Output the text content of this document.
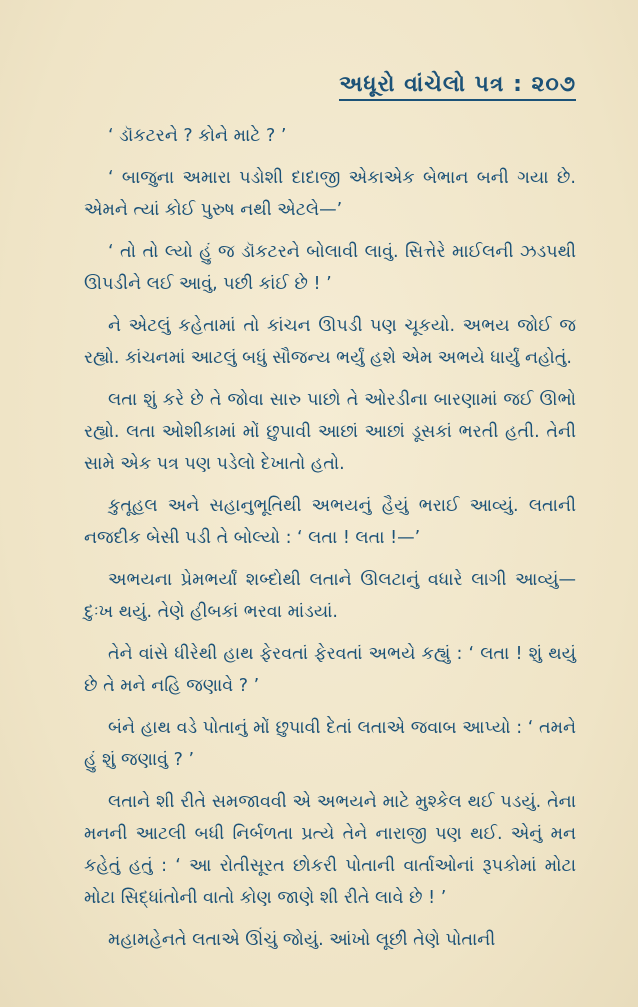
અધૂરો વાંચેલો પત્ર : ૨૦૭

‘ ડૉકટરને ? કોને માટે ? ’

‘ બાજુના અમારા પડોશી દાદાજી એકાએક બેભાન બની ગયા છે. એમને ત્યાં કોઈ પુરુષ નથી એટલે—’

‘ તો તો લ્યો હું જ ડૉકટરને બોલાવી લાવું. સિત્તેરે માઈલની ઝડપથી ઊપડીને લઈ આવું, પછી કાંઈ છે ! ’

ને એટલું કહેતામાં તો કાંચન ઊપડી પણ ચૂકયો. અભય જોઈ જ રહ્યો. કાંચનમાં આટલું બધું સૌજન્ય ભર્યું હશે એમ અભયે ધાર્યું નહોતું.

લતા શું કરે છે તે જોવા સારુ પાછો તે ઓરડીના બારણામાં જઈ ઊભો રહ્યો. લતા ઓશીકામાં મોં છુપાવી આછાં આછાં ડૂસકાં ભરતી હતી. તેની સામે એક પત્ર પણ પડેલો દેખાતો હતો.

કુતૂહલ અને સહાનુભૂતિથી અભયનું હૈયું ભરાઈ આવ્યું. લતાની નજદીક બેસી પડી તે બોલ્યો : ‘ લતા ! લતા !—’

અભયના પ્રેમભર્યાં શબ્દોથી લતાને ઊલટાનું વધારે લાગી આવ્યું—દુઃખ થયું. તેણે હીબકાં ભરવા માંડયાં.

તેને વાંસે ધીરેથી હાથ ફેરવતાં ફેરવતાં અભયે કહ્યું : ‘ લતા ! શું થયું છે તે મને નહિ જણાવે ? ’

બંને હાથ વડે પોતાનું મોં છુપાવી દેતાં લતાએ જવાબ આપ્યો : ‘ તમને હું શું જણાવું ? ’

લતાને શી રીતે સમજાવવી એ અભયને માટે મુશ્કેલ થઈ પડયું. તેના મનની આટલી બધી નિર્બળતા પ્રત્યે તેને નારાજી પણ થઈ. એનું મન કહેતું હતું : ‘ આ રોતીસૂરત છોકરી પોતાની વાર્તાઓનાં રૂપકોમાં મોટા મોટા સિદ્ધાંતોની વાતો કોણ જાણે શી રીતે લાવે છે ! ’

મહામહેનતે લતાએ ઊંચું જોયું. આંખો લૂછી તેણે પોતાની
